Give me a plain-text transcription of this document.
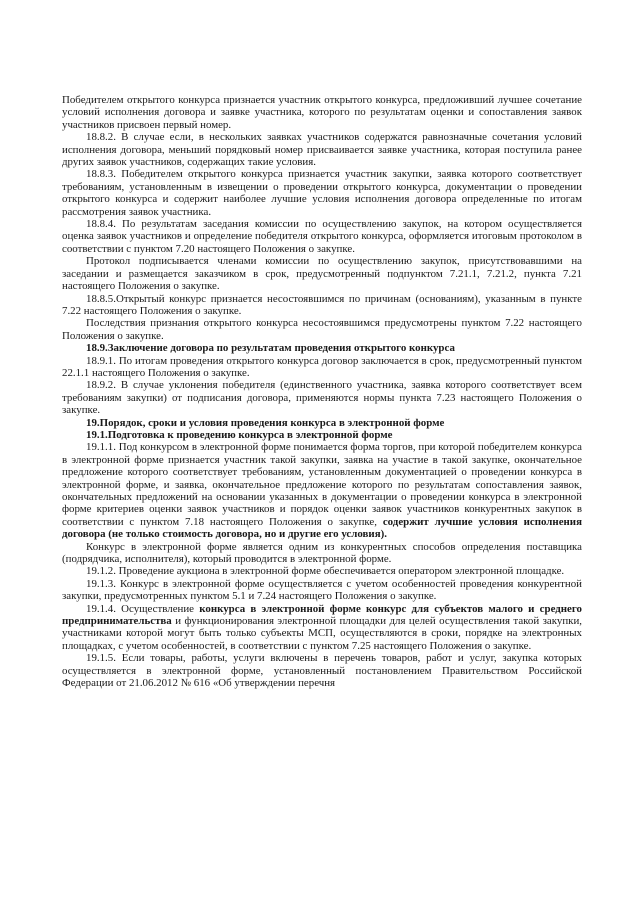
Победителем открытого конкурса признается участник открытого конкурса, предложивший лучшее сочетание условий исполнения договора и заявке участника, которого по результатам оценки и сопоставления заявок участников присвоен первый номер.

18.8.2. В случае если, в нескольких заявках участников содержатся равнозначные сочетания условий исполнения договора, меньший порядковый номер присваивается заявке участника, которая поступила ранее других заявок участников, содержащих такие условия.

18.8.3. Победителем открытого конкурса признается участник закупки, заявка которого соответствует требованиям, установленным в извещении о проведении открытого конкурса, документации о проведении открытого конкурса и содержит наиболее лучшие условия исполнения договора определенные по итогам рассмотрения заявок участника.

18.8.4. По результатам заседания комиссии по осуществлению закупок, на котором осуществляется оценка заявок участников и определение победителя открытого конкурса, оформляется итоговым протоколом в соответствии с пунктом 7.20 настоящего Положения о закупке.

Протокол подписывается членами комиссии по осуществлению закупок, присутствовавшими на заседании и размещается заказчиком в срок, предусмотренный подпунктом 7.21.1, 7.21.2, пункта 7.21 настоящего Положения о закупке.

18.8.5.Открытый конкурс признается несостоявшимся по причинам (основаниям), указанным в пункте 7.22 настоящего Положения о закупке.

Последствия признания открытого конкурса несостоявшимся предусмотрены пунктом 7.22 настоящего Положения о закупке.

18.9.Заключение договора по результатам проведения открытого конкурса

18.9.1. По итогам проведения открытого конкурса договор заключается в срок, предусмотренный пунктом 22.1.1 настоящего Положения о закупке.

18.9.2. В случае уклонения победителя (единственного участника, заявка которого соответствует всем требованиям закупки) от подписания договора, применяются нормы пункта 7.23 настоящего Положения о закупке.

19.Порядок, сроки и условия проведения конкурса в электронной форме

19.1.Подготовка к проведению конкурса в электронной форме

19.1.1. Под конкурсом в электронной форме понимается форма торгов, при которой победителем конкурса в электронной форме признается участник такой закупки, заявка на участие в такой закупке, окончательное предложение которого соответствует требованиям, установленным документацией о проведении конкурса в электронной форме, и заявка, окончательное предложение которого по результатам сопоставления заявок, окончательных предложений на основании указанных в документации о проведении конкурса в электронной форме критериев оценки заявок участников и порядок оценки заявок участников конкурентных закупок в соответствии с пунктом 7.18 настоящего Положения о закупке, содержит лучшие условия исполнения договора (не только стоимость договора, но и другие его условия).

Конкурс в электронной форме является одним из конкурентных способов определения поставщика (подрядчика, исполнителя), который проводится в электронной форме.

19.1.2. Проведение аукциона в электронной форме обеспечивается оператором электронной площадке.

19.1.3. Конкурс в электронной форме осуществляется с учетом особенностей проведения конкурентной закупки, предусмотренных пунктом 5.1 и 7.24 настоящего Положения о закупке.

19.1.4. Осуществление конкурса в электронной форме конкурс для субъектов малого и среднего предпринимательства и функционирования электронной площадки для целей осуществления такой закупки, участниками которой могут быть только субъекты МСП, осуществляются в сроки, порядке на электронных площадках, с учетом особенностей, в соответствии с пунктом 7.25 настоящего Положения о закупке.

19.1.5. Если товары, работы, услуги включены в перечень товаров, работ и услуг, закупка которых осуществляется в электронной форме, установленный постановлением Правительством Российской Федерации от 21.06.2012 № 616 «Об утверждении перечня
